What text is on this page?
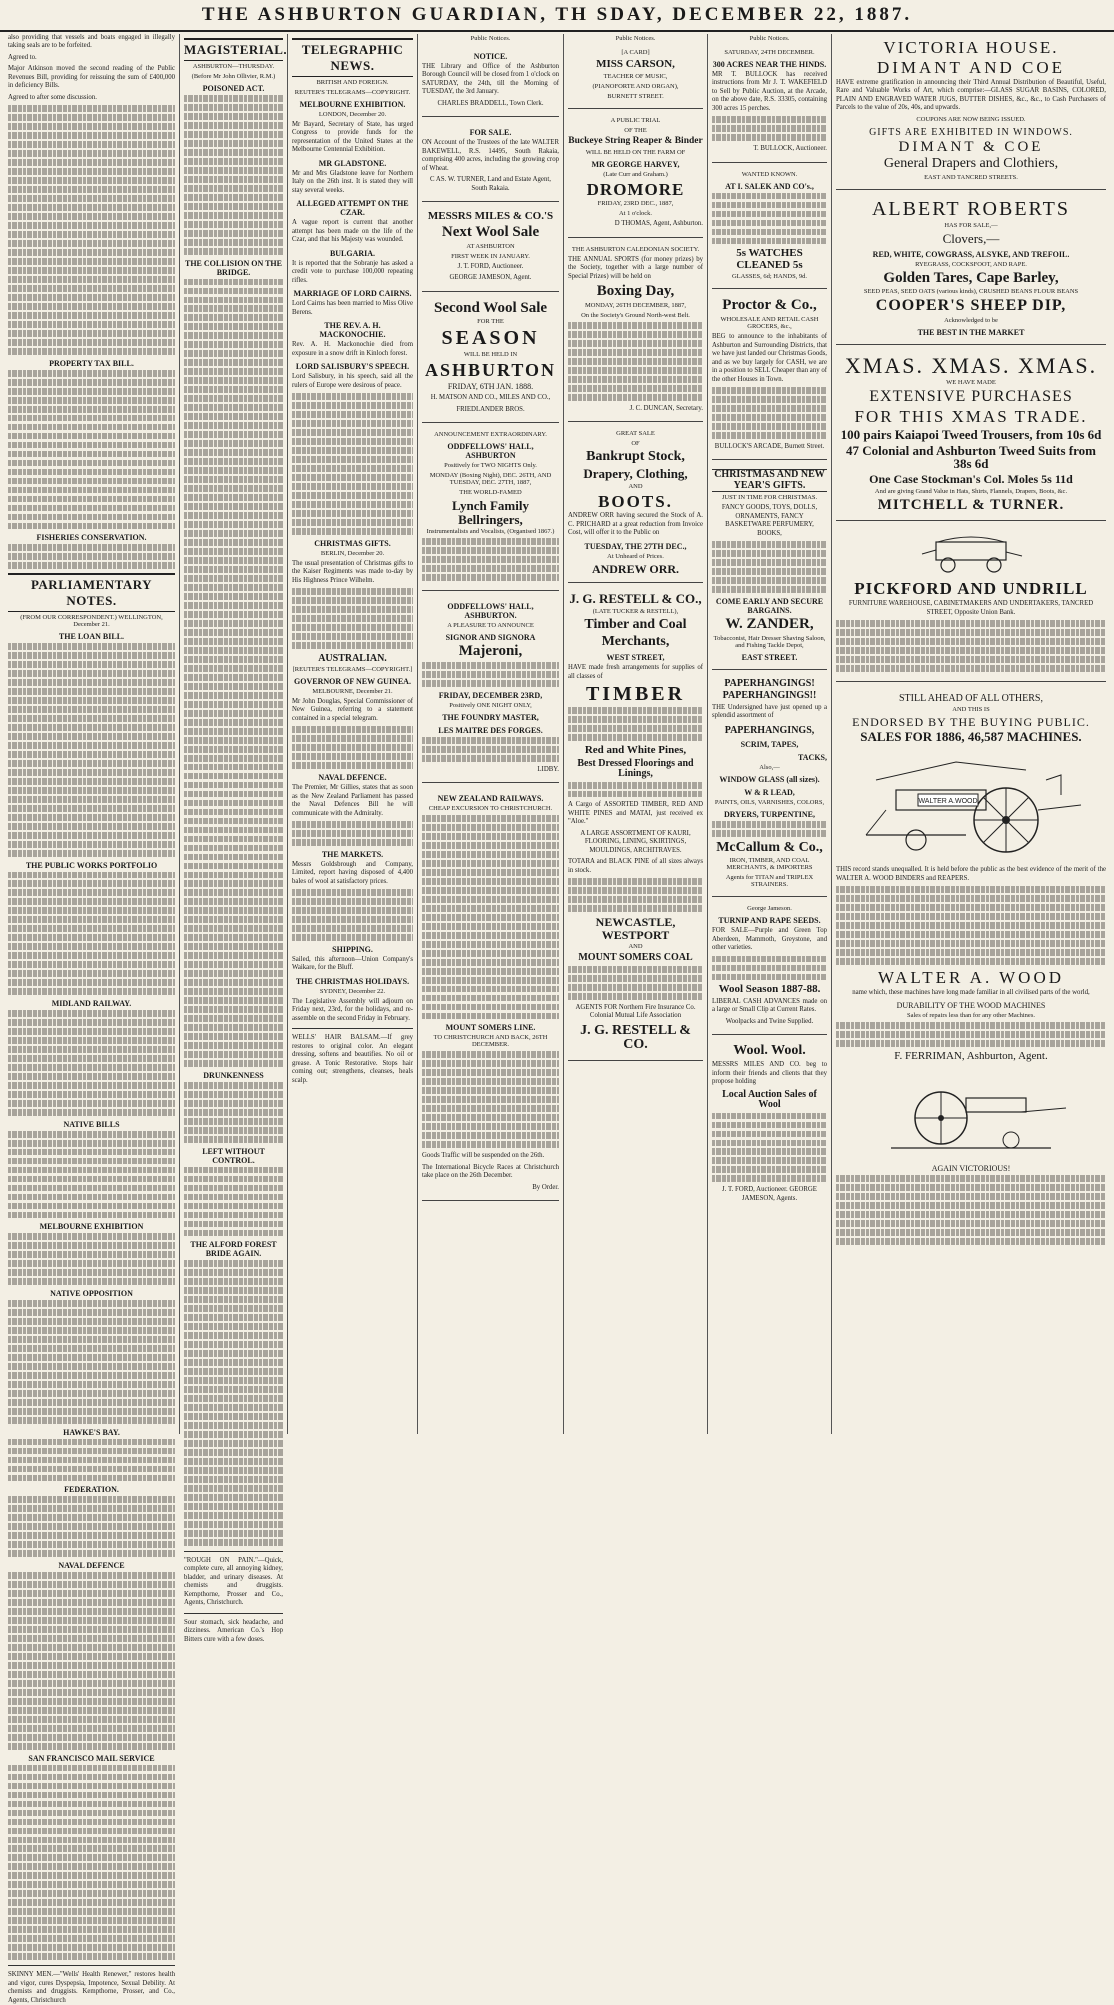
THE ASHBURTON GUARDIAN, TH SDAY, DECEMBER 22, 1887.

also providing that vessels and boats engaged in illegally taking seals are to be forfeited.

Agreed to.

Major Atkinson moved the second reading of the Public Revenues Bill, providing for reissuing the sum of £400,000 in deficiency Bills.

Agreed to after some discussion.

PROPERTY TAX BILL.
FISHERIES CONSERVATION.
PARLIAMENTARY NOTES.
(FROM OUR CORRESPONDENT.) WELLINGTON, December 21.
THE LOAN BILL.
THE PUBLIC WORKS PORTFOLIO
MIDLAND RAILWAY.
NATIVE BILLS
MELBOURNE EXHIBITION
NATIVE OPPOSITION
HAWKE'S BAY.
FEDERATION.
NAVAL DEFENCE
SAN FRANCISCO MAIL SERVICE

SKINNY MEN.—"Wells' Health Renewer," restores health and vigor, cures Dyspepsia, Impotence, Sexual Debility. At chemists and druggists. Kempthorne, Prosser, and Co., Agents, Christchurch

MAGISTERIAL.
ASHBURTON—THURSDAY.
(Before Mr John Ollivier, R.M.)
POISONED ACT.
THE COLLISION ON THE BRIDGE.
DRUNKENNESS
LEFT WITHOUT CONTROL.
THE ALFORD FOREST BRIDE AGAIN.

"ROUGH ON PAIN."—Quick, complete cure, all annoying kidney, bladder, and urinary diseases. At chemists and druggists. Kempthorne, Prosser and Co., Agents, Christchurch.

Sour stomach, sick headache, and dizziness. American Co.'s Hop Bitters cure with a few doses.

TELEGRAPHIC NEWS.
BRITISH AND FOREIGN.
REUTER'S TELEGRAMS—COPYRIGHT.
MELBOURNE EXHIBITION.
LONDON, December 20.

Mr Bayard, Secretary of State, has urged Congress to provide funds for the representation of the United States at the Melbourne Centennial Exhibition.

MR GLADSTONE.

Mr and Mrs Gladstone leave for Northern Italy on the 26th inst. It is stated they will stay several weeks.

ALLEGED ATTEMPT ON THE CZAR.

A vague report is current that another attempt has been made on the life of the Czar, and that his Majesty was wounded.

BULGARIA.

It is reported that the Sobranje has asked a credit vote to purchase 100,000 repeating rifles.

MARRIAGE OF LORD CAIRNS.

Lord Cairns has been married to Miss Olive Berens.

THE REV. A. H. MACKONOCHIE.

Rev. A. H. Mackonochie died from exposure in a snow drift in Kinloch forest.

LORD SALISBURY'S SPEECH.

Lord Salisbury, in his speech, said all the rulers of Europe were desirous of peace.

CHRISTMAS GIFTS.
BERLIN, December 20.

The usual presentation of Christmas gifts to the Kaiser Regiments was made to-day by His Highness Prince Wilhelm.

AUSTRALIAN.
[REUTER'S TELEGRAMS—COPYRIGHT.]
GOVERNOR OF NEW GUINEA.
MELBOURNE, December 21.

Mr John Douglas, Special Commissioner of New Guinea, referring to a statement contained in a special telegram.

NAVAL DEFENCE.

The Premier, Mr Gillies, states that as soon as the New Zealand Parliament has passed the Naval Defences Bill he will communicate with the Admiralty.

THE MARKETS.

Messrs Goldsbrough and Company, Limited, report having disposed of 4,400 bales of wool at satisfactory prices.

SHIPPING.

Sailed, this afternoon—Union Company's Waikare, for the Bluff.

THE CHRISTMAS HOLIDAYS.
SYDNEY, December 22.

The Legislative Assembly will adjourn on Friday next, 23rd, for the holidays, and re-assemble on the second Friday in February.

WELLS' HAIR BALSAM.—If grey restores to original color. An elegant dressing, softens and beautifies. No oil or grease. A Tonic Restorative. Stops hair coming out; strengthens, cleanses, heals scalp.

Public Notices.
NOTICE.

THE Library and Office of the Ashburton Borough Council will be closed from 1 o'clock on SATURDAY, the 24th, till the Morning of TUESDAY, the 3rd January.

CHARLES BRADDELL, Town Clerk.

FOR SALE.

ON Account of the Trustees of the late WALTER BAKEWELL, R.S. 14495, South Rakaia, comprising 400 acres, including the growing crop of Wheat.

C AS. W. TURNER, Land and Estate Agent, South Rakaia.

MESSRS MILES & CO.'S
Next Wool Sale
AT ASHBURTON
FIRST WEEK IN JANUARY.

J. T. FORD, Auctioneer.

GEORGE JAMESON, Agent.

Second Wool Sale
FOR THE
SEASON
WILL BE HELD IN
ASHBURTON
FRIDAY, 6TH JAN. 1888.

H. MATSON AND CO., MILES AND CO.,

FRIEDLANDER BROS.

ANNOUNCEMENT EXTRAORDINARY.
ODDFELLOWS' HALL, ASHBURTON
Positively for TWO NIGHTS Only.
MONDAY (Boxing Night), DEC. 26TH, AND TUESDAY, DEC. 27TH, 1887,
THE WORLD-FAMED
Lynch Family Bellringers,
Instrumentalists and Vocalists, (Organised 1867.)
ODDFELLOWS' HALL, ASHBURTON.
A PLEASURE TO ANNOUNCE
SIGNOR AND SIGNORA
Majeroni,
FRIDAY, DECEMBER 23RD,
Positively ONE NIGHT ONLY,
THE FOUNDRY MASTER,
LES MAITRE DES FORGES.

LIDBY.

NEW ZEALAND RAILWAYS.
CHEAP EXCURSION TO CHRISTCHURCH.
MOUNT SOMERS LINE.
TO CHRISTCHURCH AND BACK, 26TH DECEMBER.

Goods Traffic will be suspended on the 26th.

The International Bicycle Races at Christchurch take place on the 26th December.

By Order.

Public Notices.
[A CARD]
MISS CARSON,
TEACHER OF MUSIC,
(PIANOFORTE AND ORGAN),
BURNETT STREET.
A PUBLIC TRIAL
OF THE
Buckeye String Reaper & Binder
WILL BE HELD ON THE FARM OF
MR GEORGE HARVEY,
(Late Curr and Graham.)
DROMORE
FRIDAY, 23RD DEC., 1887,
At 1 o'clock.

D THOMAS, Agent, Ashburton.

THE ASHBURTON CALEDONIAN SOCIETY.

THE ANNUAL SPORTS (for money prizes) by the Society, together with a large number of Special Prizes) will be held on

Boxing Day,
MONDAY, 26TH DECEMBER, 1887,
On the Society's Ground North-west Belt.

J. C. DUNCAN, Secretary.

GREAT SALE
OF
Bankrupt Stock,
Drapery, Clothing,
AND
BOOTS.

ANDREW ORR having secured the Stock of A. C. PRICHARD at a great reduction from Invoice Cost, will offer it to the Public on

TUESDAY, THE 27TH DEC.,
At Unheard of Prices.
ANDREW ORR.
J. G. RESTELL & CO.,
(LATE TUCKER & RESTELL),
Timber and Coal
Merchants,
WEST STREET,

HAVE made fresh arrangements for supplies of all classes of

TIMBER
Red and White Pines,
Best Dressed Floorings and Linings,

A Cargo of ASSORTED TIMBER, RED AND WHITE PINES and MATAI, just received ex "Aloe."

A LARGE ASSORTMENT OF KAURI, FLOORING, LINING, SKIRTINGS, MOULDINGS, ARCHITRAVES.

TOTARA and BLACK PINE of all sizes always in stock.

NEWCASTLE, WESTPORT
AND
MOUNT SOMERS COAL

AGENTS FOR Northern Fire Insurance Co. Colonial Mutual Life Association

J. G. RESTELL & CO.
Public Notices.
SATURDAY, 24TH DECEMBER.
300 ACRES NEAR THE HINDS.

MR T. BULLOCK has received instructions from Mr J. T. WAKEFIELD to Sell by Public Auction, at the Arcade, on the above date, R.S. 33305, containing 300 acres 15 perches.

T. BULLOCK, Auctioneer.

WANTED KNOWN.
AT I. SALEK AND CO's.,
5s WATCHES CLEANED 5s
GLASSES, 6d; HANDS, 9d.
Proctor & Co.,
WHOLESALE AND RETAIL CASH GROCERS, &c.,

BEG to announce to the inhabitants of Ashburton and Surrounding Districts, that we have just landed our Christmas Goods, and as we buy largely for CASH, we are in a position to SELL Cheaper than any of the other Houses in Town.

BULLOCK'S ARCADE, Burnett Street.

CHRISTMAS AND NEW YEAR'S GIFTS.
JUST IN TIME FOR CHRISTMAS.

FANCY GOODS, TOYS, DOLLS, ORNAMENTS, FANCY BASKETWARE PERFUMERY, BOOKS,

COME EARLY AND SECURE BARGAINS.
W. ZANDER,
Tobacconist, Hair Dresser Shaving Saloon, and Fishing Tackle Depot,
EAST STREET.
PAPERHANGINGS!
PAPERHANGINGS!!

THE Undersigned have just opened up a splendid assortment of

PAPERHANGINGS,
SCRIM, TAPES,
TACKS,
Also,—
WINDOW GLASS (all sizes).
W & R LEAD,
PAINTS, OILS, VARNISHES, COLORS,
DRYERS, TURPENTINE,
McCallum & Co.,
IRON, TIMBER, AND COAL MERCHANTS, & IMPORTERS
Agents for TITAN and TRIPLEX STRAINERS.
George Jameson.
TURNIP AND RAPE SEEDS.

FOR SALE—Purple and Green Top Aberdeen, Mammoth, Greystone, and other varieties.

Wool Season 1887-88.

LIBERAL CASH ADVANCES made on a large or Small Clip at Current Rates.

Woolpacks and Twine Supplied.

Wool. Wool.

MESSRS MILES AND CO. beg to inform their friends and clients that they propose holding

Local Auction Sales of Wool

J. T. FORD, Auctioneer. GEORGE JAMESON, Agents.

VICTORIA HOUSE.
DIMANT AND COE

HAVE extreme gratification in announcing their Third Annual Distribution of Beautiful, Useful, Rare and Valuable Works of Art, which comprise:—GLASS SUGAR BASINS, COLORED, PLAIN AND ENGRAVED WATER JUGS, BUTTER DISHES, &c., &c., to Cash Purchasers of Parcels to the value of 20s, 40s, and upwards.

COUPONS ARE NOW BEING ISSUED.
GIFTS ARE EXHIBITED IN WINDOWS.
DIMANT & COE
General Drapers and Clothiers,
EAST AND TANCRED STREETS.
ALBERT ROBERTS
HAS FOR SALE,—
Clovers,—
RED, WHITE, COWGRASS, ALSYKE, AND TREFOIL.
RYEGRASS, COCKSFOOT, AND RAPE.
Golden Tares, Cape Barley,
SEED PEAS, SEED OATS (various kinds), CRUSHED BEANS FLOUR BEANS
COOPER'S SHEEP DIP,
Acknowledged to be
THE BEST IN THE MARKET
XMAS. XMAS. XMAS.
WE HAVE MADE
EXTENSIVE PURCHASES
FOR THIS XMAS TRADE.
100 pairs Kaiapoi Tweed Trousers, from 10s 6d
47 Colonial and Ashburton Tweed Suits from 38s 6d
One Case Stockman's Col. Moles 5s 11d
And are giving Grand Value in Hats, Shirts, Flannels, Drapers, Boots, &c.
MITCHELL & TURNER.
PICKFORD AND UNDRILL

FURNITURE WAREHOUSE, CABINETMAKERS AND UNDERTAKERS, TANCRED STREET, Opposite Union Bank.

STILL AHEAD OF ALL OTHERS,
AND THIS IS
ENDORSED BY THE BUYING PUBLIC.
SALES FOR 1886, 46,587 MACHINES.
WALTER A.WOOD

THIS record stands unequalled. It is held before the public as the best evidence of the merit of the WALTER A. WOOD BINDERS and REAPERS.

WALTER A. WOOD

name which, these machines have long made familiar in all civilised parts of the world,

DURABILITY OF THE WOOD MACHINES
Sales of repairs less than for any other Machines.
F. FERRIMAN, Ashburton, Agent.
AGAIN VICTORIOUS!
